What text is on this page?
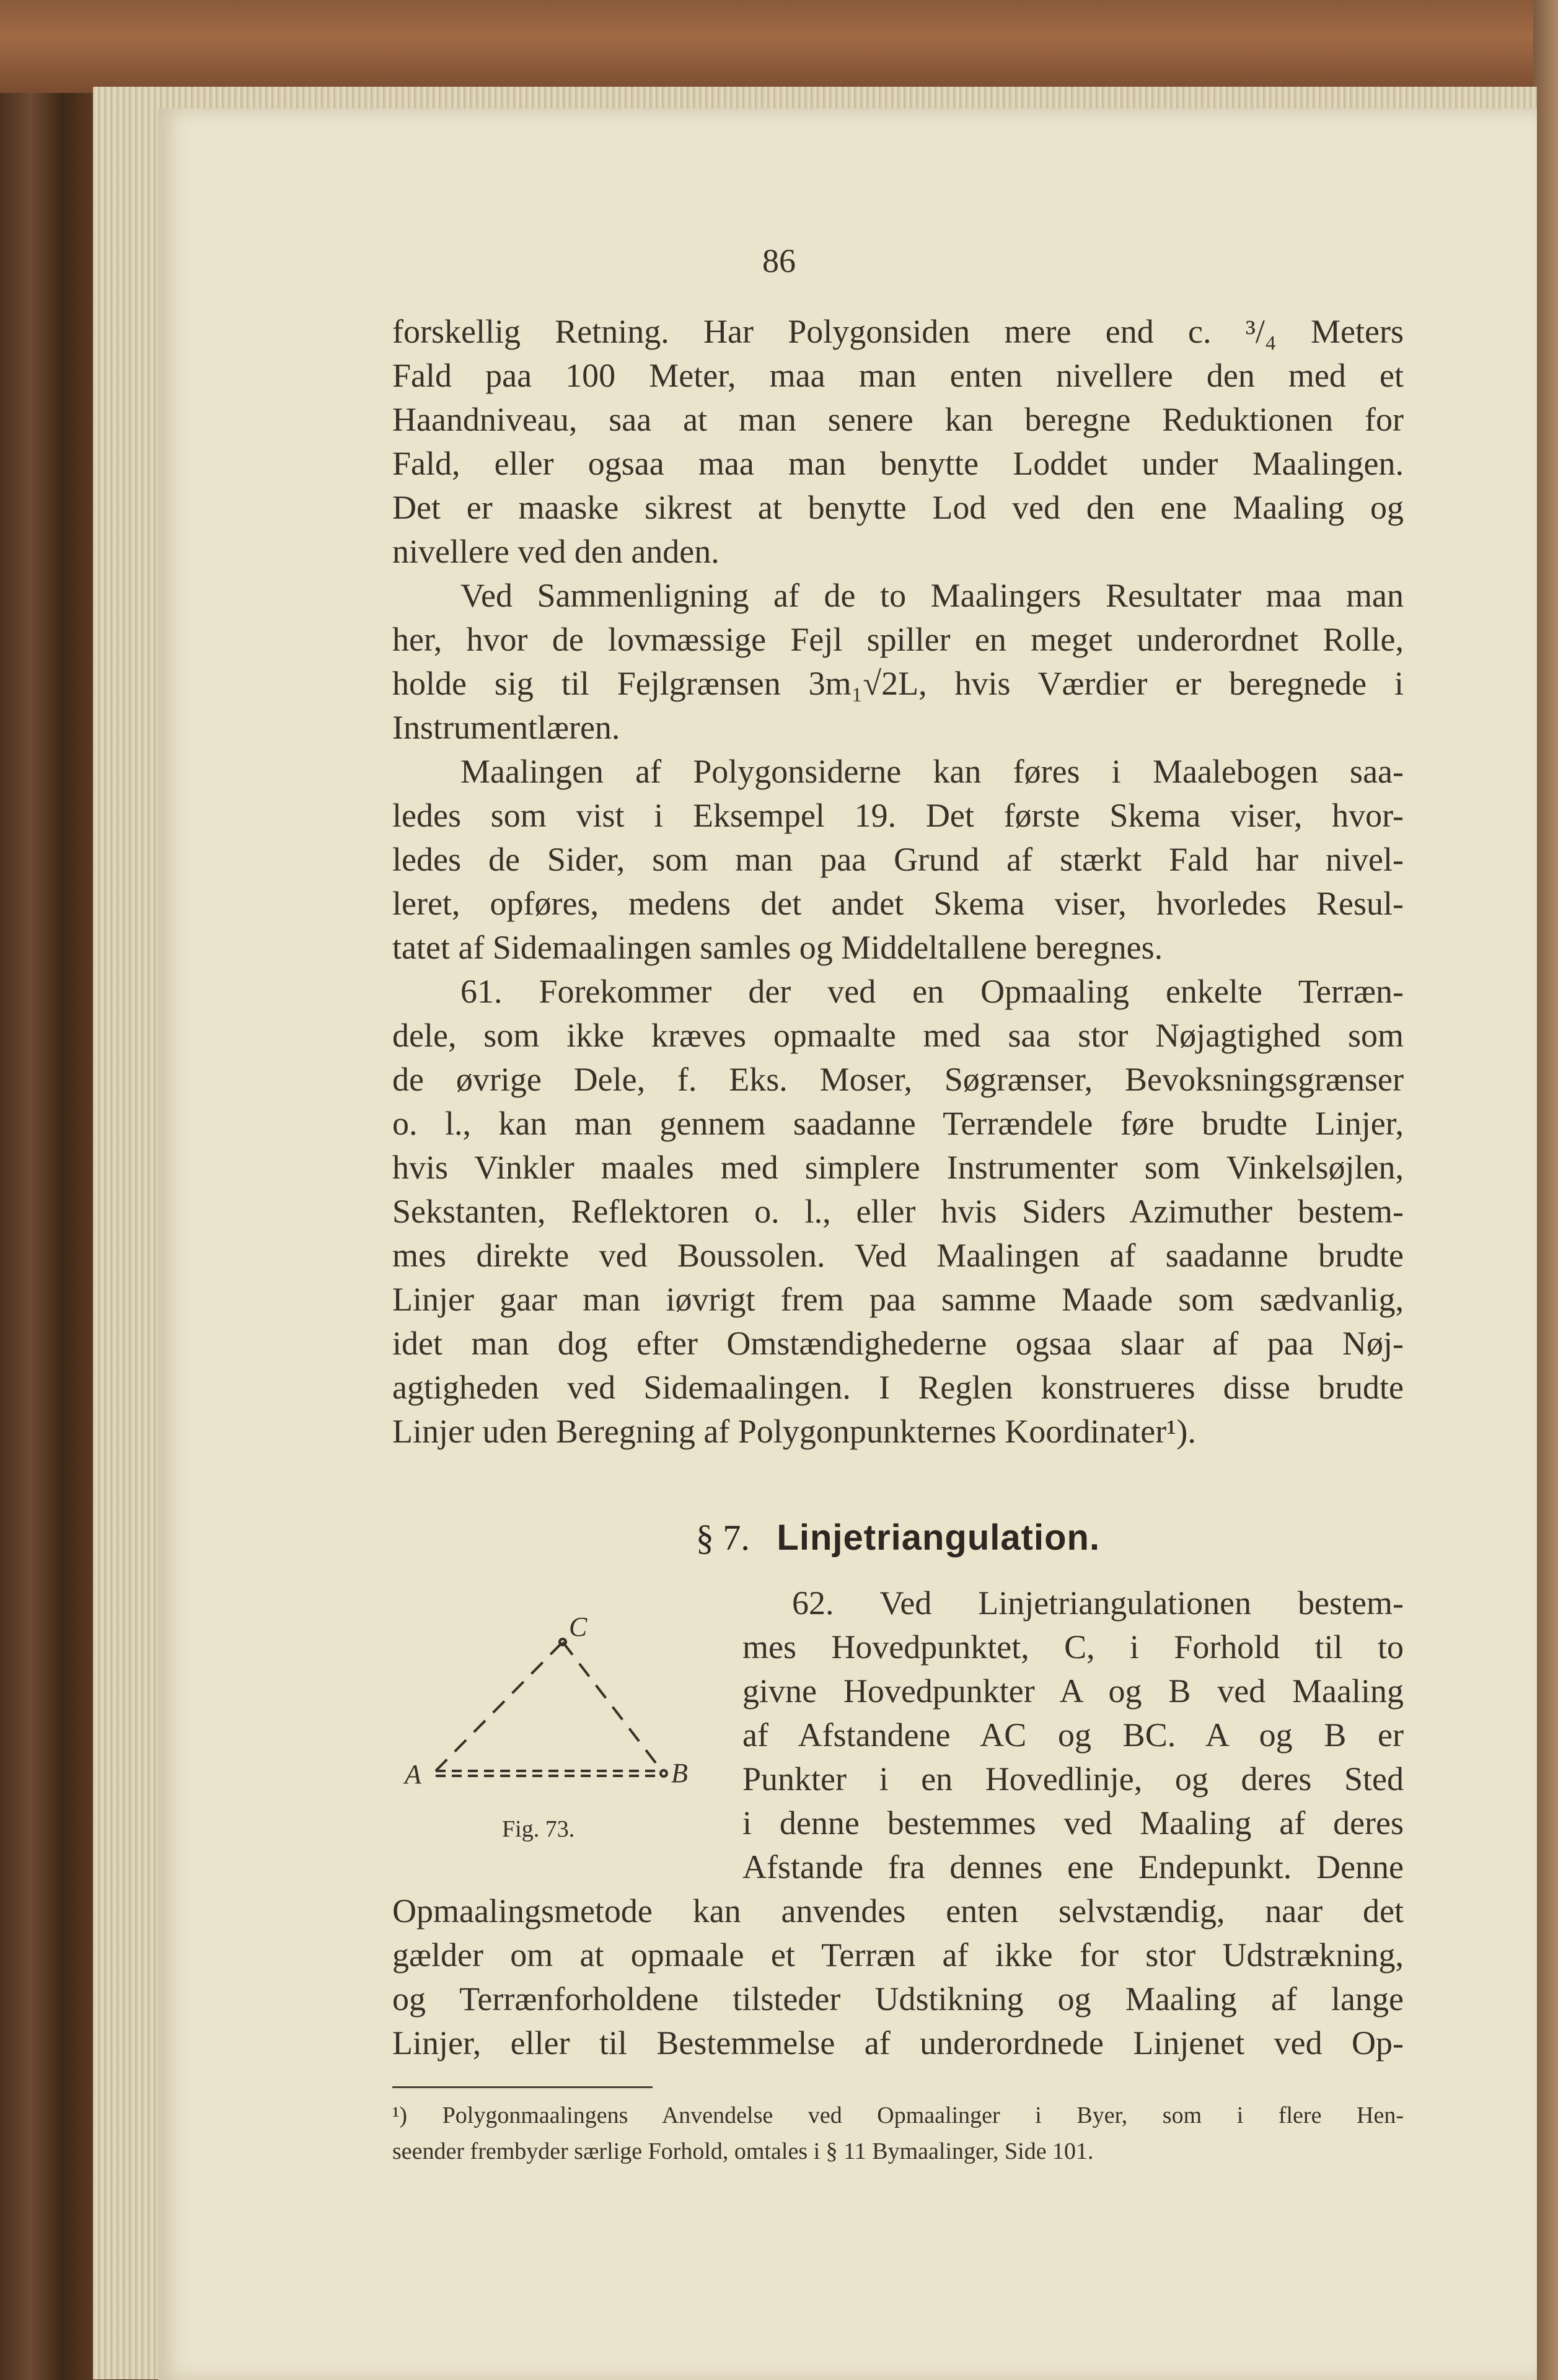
86
forskellig Retning. Har Polygonsiden mere end c. ³/₄ Meters
Fald paa 100 Meter, maa man enten nivellere den med et
Haandniveau, saa at man senere kan beregne Reduktionen for
Fald, eller ogsaa maa man benytte Loddet under Maalingen.
Det er maaske sikrest at benytte Lod ved den ene Maaling og
nivellere ved den anden.
Ved Sammenligning af de to Maalingers Resultater maa man
her, hvor de lovmæssige Fejl spiller en meget underordnet Rolle,
holde sig til Fejlgrænsen 3m₁√2L, hvis Værdier er beregnede i
Instrumentlæren.
Maalingen af Polygonsiderne kan føres i Maalebogen saa-
ledes som vist i Eksempel 19. Det første Skema viser, hvor-
ledes de Sider, som man paa Grund af stærkt Fald har nivel-
leret, opføres, medens det andet Skema viser, hvorledes Resul-
tatet af Sidemaalingen samles og Middeltallene beregnes.
61. Forekommer der ved en Opmaaling enkelte Terræn-
dele, som ikke kræves opmaalte med saa stor Nøjagtighed som
de øvrige Dele, f. Eks. Moser, Søgrænser, Bevoksningsgrænser
o. l., kan man gennem saadanne Terrændele føre brudte Linjer,
hvis Vinkler maales med simplere Instrumenter som Vinkelsøjlen,
Sekstanten, Reflektoren o. l., eller hvis Siders Azimuther bestem-
mes direkte ved Boussolen. Ved Maalingen af saadanne brudte
Linjer gaar man iøvrigt frem paa samme Maade som sædvanlig,
idet man dog efter Omstændighederne ogsaa slaar af paa Nøj-
agtigheden ved Sidemaalingen. I Reglen konstrueres disse brudte
Linjer uden Beregning af Polygonpunkternes Koordinater¹).
§ 7. Linjetriangulation.
A	B
C
Fig. 73.
62. Ved Linjetriangulationen bestem-
mes Hovedpunktet, C, i Forhold til to
givne Hovedpunkter A og B ved Maaling
af Afstandene AC og BC. A og B er
Punkter i en Hovedlinje, og deres Sted
i denne bestemmes ved Maaling af deres
Afstande fra dennes ene Endepunkt. Denne
Opmaalingsmetode kan anvendes enten selvstændig, naar det
gælder om at opmaale et Terræn af ikke for stor Udstrækning,
og Terrænforholdene tilsteder Udstikning og Maaling af lange
Linjer, eller til Bestemmelse af underordnede Linjenet ved Op-
¹) Polygonmaalingens Anvendelse ved Opmaalinger i Byer, som i flere Hen-
seender frembyder særlige Forhold, omtales i § 11 Bymaalinger, Side 101.
